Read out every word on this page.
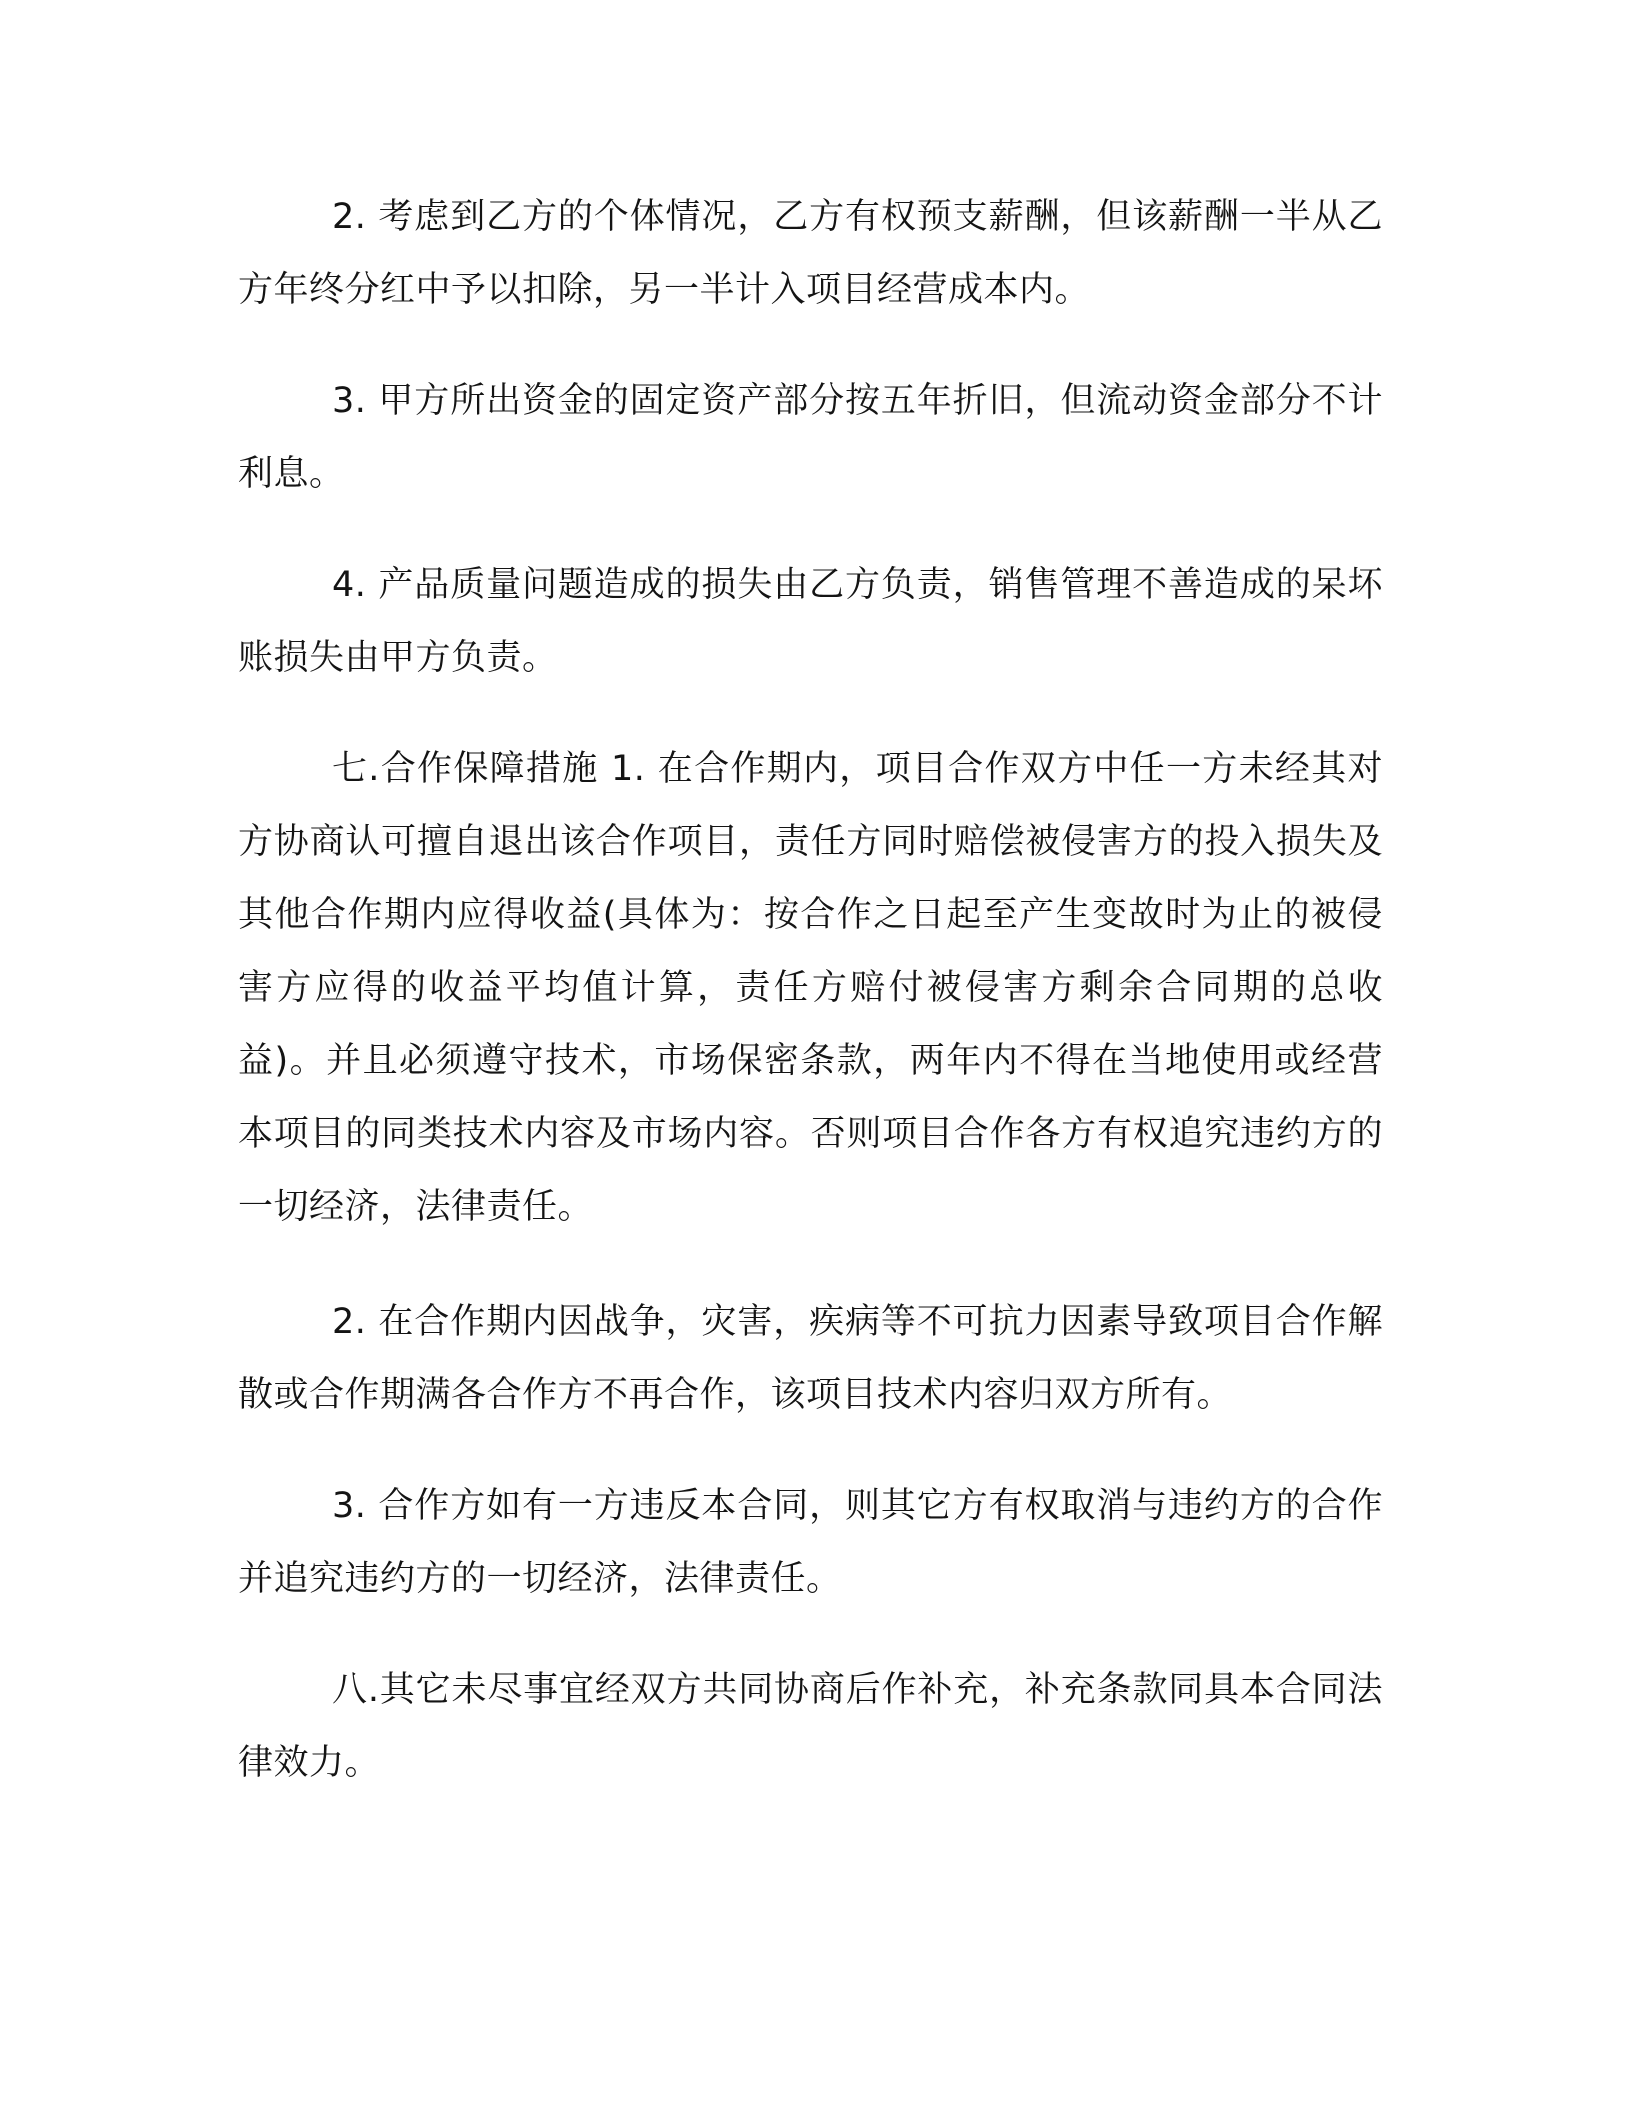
2. 考虑到乙方的个体情况，乙方有权预支薪酬，但该薪酬一半从乙方年终分红中予以扣除，另一半计入项目经营成本内。

3. 甲方所出资金的固定资产部分按五年折旧，但流动资金部分不计利息。

4. 产品质量问题造成的损失由乙方负责，销售管理不善造成的呆坏账损失由甲方负责。

七.合作保障措施 1. 在合作期内，项目合作双方中任一方未经其对方协商认可擅自退出该合作项目，责任方同时赔偿被侵害方的投入损失及其他合作期内应得收益(具体为：按合作之日起至产生变故时为止的被侵害方应得的收益平均值计算，责任方赔付被侵害方剩余合同期的总收益)。并且必须遵守技术，市场保密条款，两年内不得在当地使用或经营本项目的同类技术内容及市场内容。否则项目合作各方有权追究违约方的一切经济，法律责任。

2. 在合作期内因战争，灾害，疾病等不可抗力因素导致项目合作解散或合作期满各合作方不再合作，该项目技术内容归双方所有。

3. 合作方如有一方违反本合同，则其它方有权取消与违约方的合作并追究违约方的一切经济，法律责任。

八.其它未尽事宜经双方共同协商后作补充，补充条款同具本合同法律效力。
